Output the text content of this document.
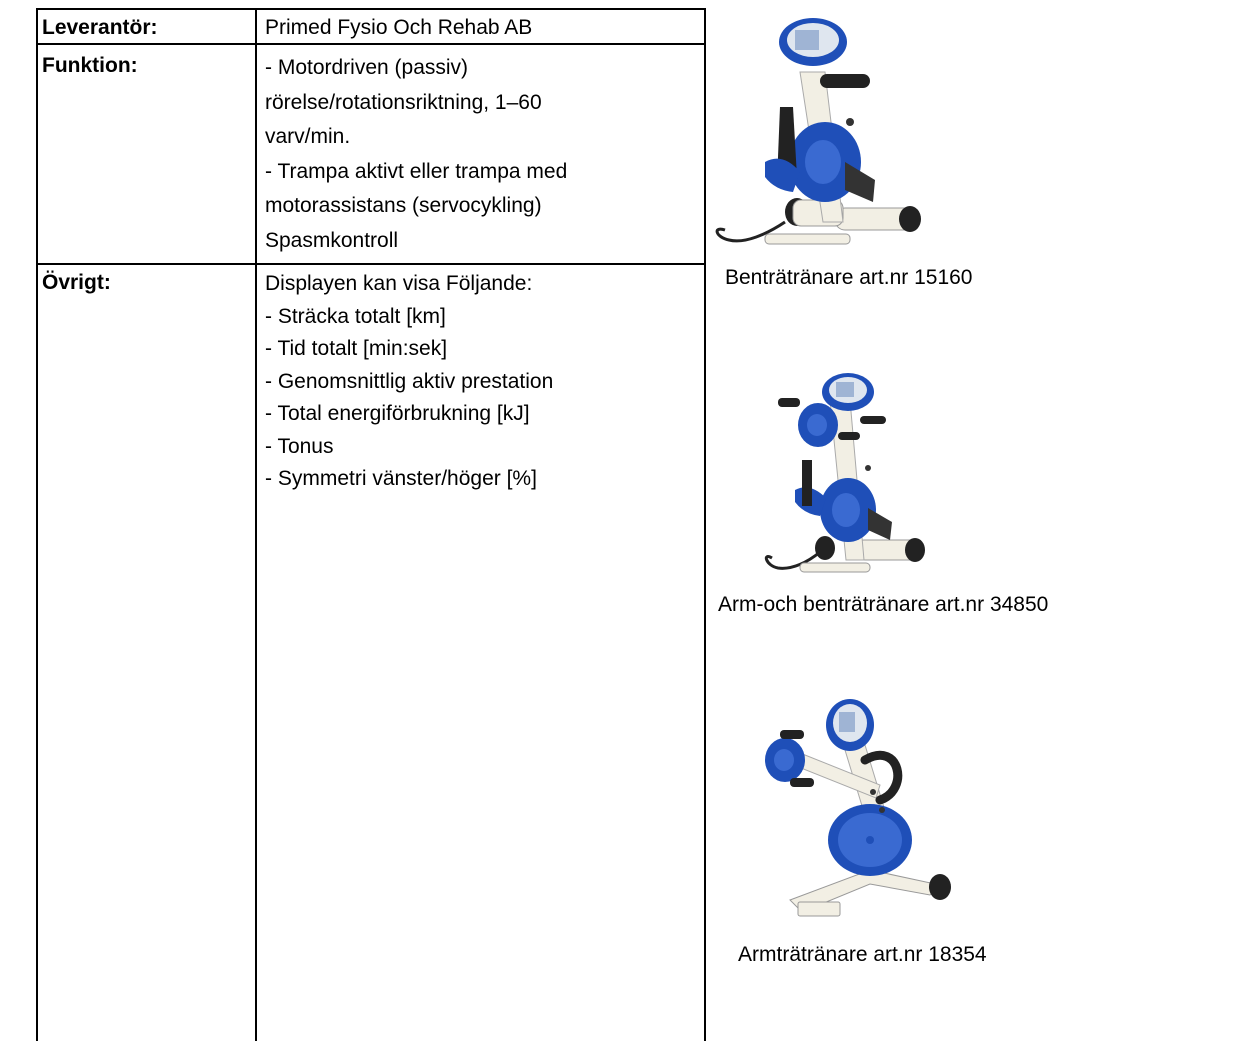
Leverantör:	Primed Fysio Och Rehab AB

Funktion:	- Motordriven (passiv)

rörelse/rotationsriktning, 1–60

varv/min.

- Trampa aktivt eller trampa med

motorassistans (servocykling)

Spasmkontroll

Övrigt:	Displayen kan visa Följande:

- Sträcka totalt [km]

- Tid totalt [min:sek]

- Genomsnittlig aktiv prestation

- Total energiförbrukning [kJ]

- Tonus

- Symmetri vänster/höger [%]

Benträtränare art.nr 15160
Arm-och benträtränare art.nr 34850
Armträtränare art.nr 18354
